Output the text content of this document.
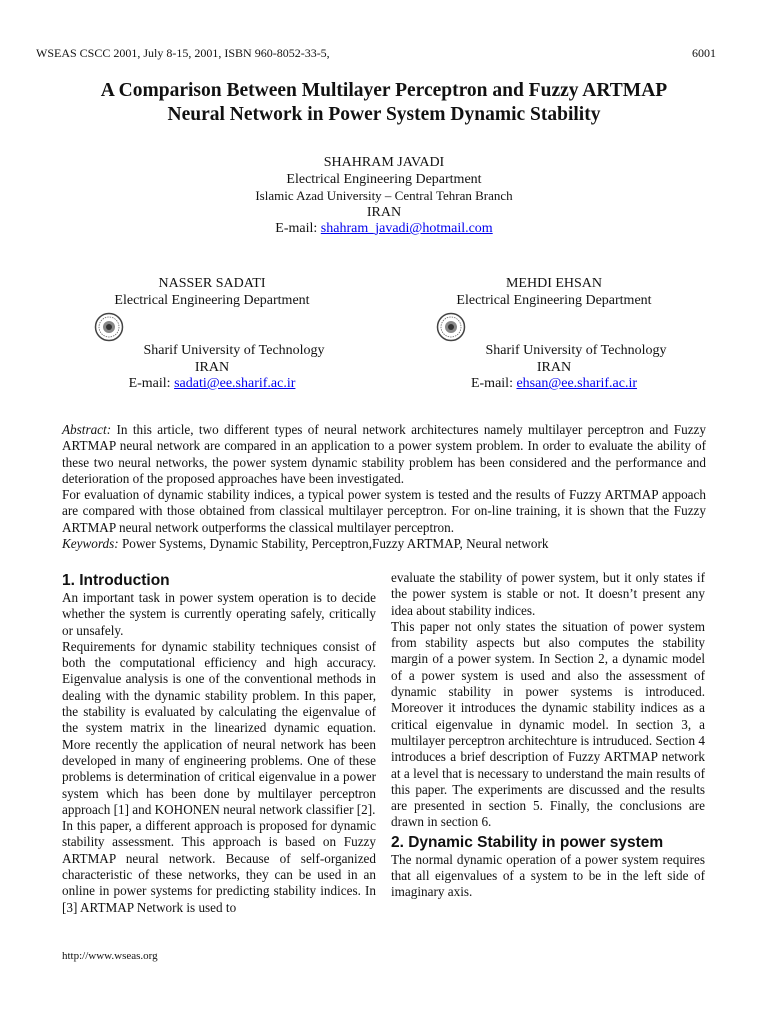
WSEAS CSCC 2001, July 8-15, 2001, ISBN 960-8052-33-5,	6001
A Comparison Between Multilayer Perceptron and Fuzzy ARTMAP
Neural Network in Power System Dynamic Stability
SHAHRAM JAVADI
Electrical Engineering Department
Islamic Azad University – Central Tehran Branch
IRAN
E-mail: shahram_javadi@hotmail.com
NASSER SADATI
Electrical Engineering Department
Sharif University of Technology
IRAN
E-mail: sadati@ee.sharif.ac.ir
MEHDI EHSAN
Electrical Engineering Department
Sharif University of Technology
IRAN
E-mail: ehsan@ee.sharif.ac.ir

Abstract: In this article, two different types of neural network architectures namely multilayer perceptron and Fuzzy ARTMAP neural network are compared in an application to a power system problem. In order to evaluate the ability of these two neural networks, the power system dynamic stability problem has been considered and the performance and deterioration of the proposed approaches have been investigated.

For evaluation of dynamic stability indices, a typical power system is tested and the results of Fuzzy ARTMAP appoach are compared with those obtained from classical multilayer perceptron. For on-line training, it is shown that the Fuzzy ARTMAP neural network outperforms the classical multilayer perceptron.

Keywords: Power Systems, Dynamic Stability, Perceptron,Fuzzy ARTMAP, Neural network

1. Introduction

An important task in power system operation is to decide whether the system is currently operating safely, critically or unsafely.

Requirements for dynamic stability techniques consist of both the computational efficiency and high accuracy. Eigenvalue analysis is one of the conventional methods in dealing with the dynamic stability problem. In this paper, the stability is evaluated by calculating the eigenvalue of the system matrix in the linearized dynamic equation. More recently the application of neural network has been developed in many of engineering problems. One of these problems is determination of critical eigenvalue in a power system which has been done by multilayer perceptron approach [1] and KOHONEN neural network classifier [2].

In this paper, a different approach is proposed for dynamic stability assessment. This approach is based on Fuzzy ARTMAP neural network. Because of self-organized characteristic of these networks, they can be used in an online in power systems for predicting stability indices. In [3] ARTMAP Network is used to

evaluate the stability of power system, but it only states if the power system is stable or not. It doesn’t present any idea about stability indices.

This paper not only states the situation of power system from stability aspects but also computes the stability margin of a power system. In Section 2, a dynamic model of a power system is used and also the assessment of dynamic stability in power systems is introduced. Moreover it introduces the dynamic stability indices as a critical eigenvalue in dynamic model. In section 3, a multilayer perceptron architechture is intruduced. Section 4 introduces a brief description of Fuzzy ARTMAP network at a level that is necessary to understand the main results of this paper. The experiments are discussed and the results are presented in section 5. Finally, the conclusions are drawn in section 6.

2. Dynamic Stability in power system

The normal dynamic operation of a power system requires that all eigenvalues of a system to be in the left side of imaginary axis.

http://www.wseas.org
